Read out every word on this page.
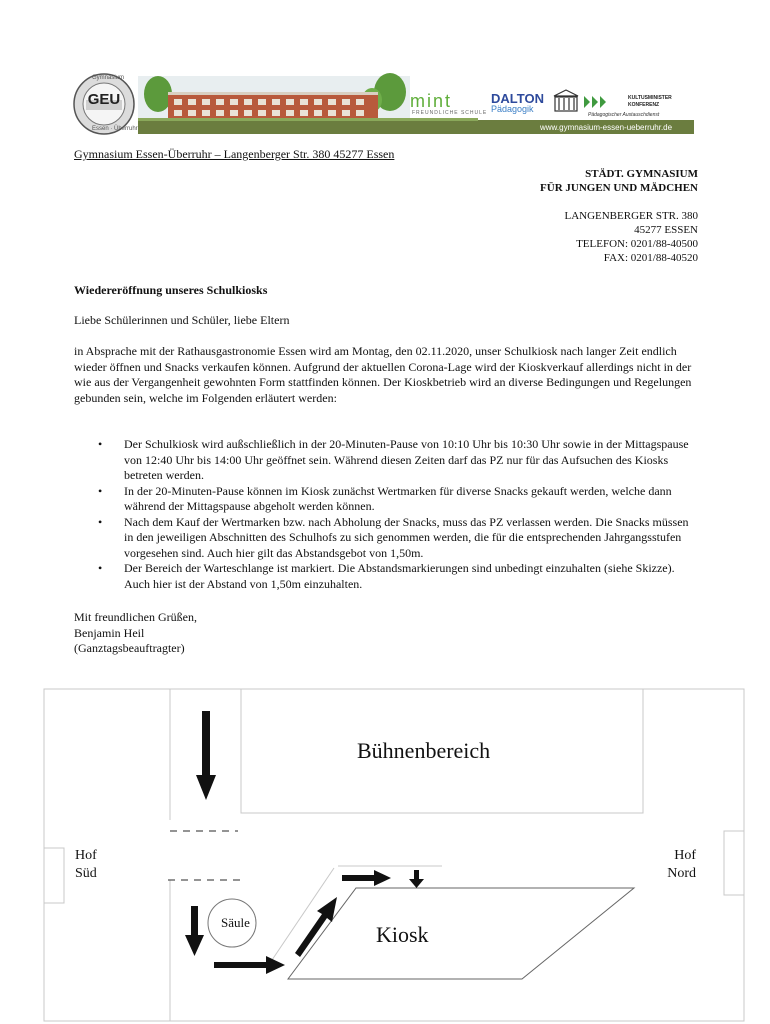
Gymnasium
GEU
Essen · Überruhr
mint
FREUNDLICHE SCHULE
DALTON
Pädagogik
KULTUSMINISTER
KONFERENZ
Pädagogischer Austauschdienst
www.gymnasium-essen-ueberruhr.de
Gymnasium Essen-Überruhr – Langenberger Str. 380 45277 Essen
STÄDT. GYMNASIUM
FÜR JUNGEN UND MÄDCHEN
LANGENBERGER STR. 380
45277 ESSEN
TELEFON: 0201/88-40500
FAX: 0201/88-40520
Wiedereröffnung unseres Schulkiosks
Liebe Schülerinnen und Schüler, liebe Eltern
in Absprache mit der Rathausgastronomie Essen wird am Montag, den 02.11.2020, unser Schulkiosk nach langer Zeit endlich wieder öffnen und Snacks verkaufen können. Aufgrund der aktuellen Corona-Lage wird der Kioskverkauf allerdings nicht in der wie aus der Vergangenheit gewohnten Form stattfinden können. Der Kioskbetrieb wird an diverse Bedingungen und Regelungen gebunden sein, welche im Folgenden erläutert werden:
• Der Schulkiosk wird außschließlich in der 20-Minuten-Pause von 10:10 Uhr bis 10:30 Uhr sowie in der Mittagspause von 12:40 Uhr bis 14:00 Uhr geöffnet sein. Während diesen Zeiten darf das PZ nur für das Aufsuchen des Kiosks betreten werden.
• In der 20-Minuten-Pause können im Kiosk zunächst Wertmarken für diverse Snacks gekauft werden, welche dann während der Mittagspause abgeholt werden können.
• Nach dem Kauf der Wertmarken bzw. nach Abholung der Snacks, muss das PZ verlassen werden. Die Snacks müssen in den jeweiligen Abschnitten des Schulhofs zu sich genommen werden, die für die entsprechenden Jahrgangsstufen vorgesehen sind. Auch hier gilt das Abstandsgebot von 1,50m.
• Der Bereich der Warteschlange ist markiert. Die Abstandsmarkierungen sind unbedingt einzuhalten (siehe Skizze). Auch hier ist der Abstand von 1,50m einzuhalten.
Mit freundlichen Grüßen,
Benjamin Heil
(Ganztagsbeauftragter)
Bühnenbereich
Kiosk
Säule
Hof
Süd
Hof
Nord
